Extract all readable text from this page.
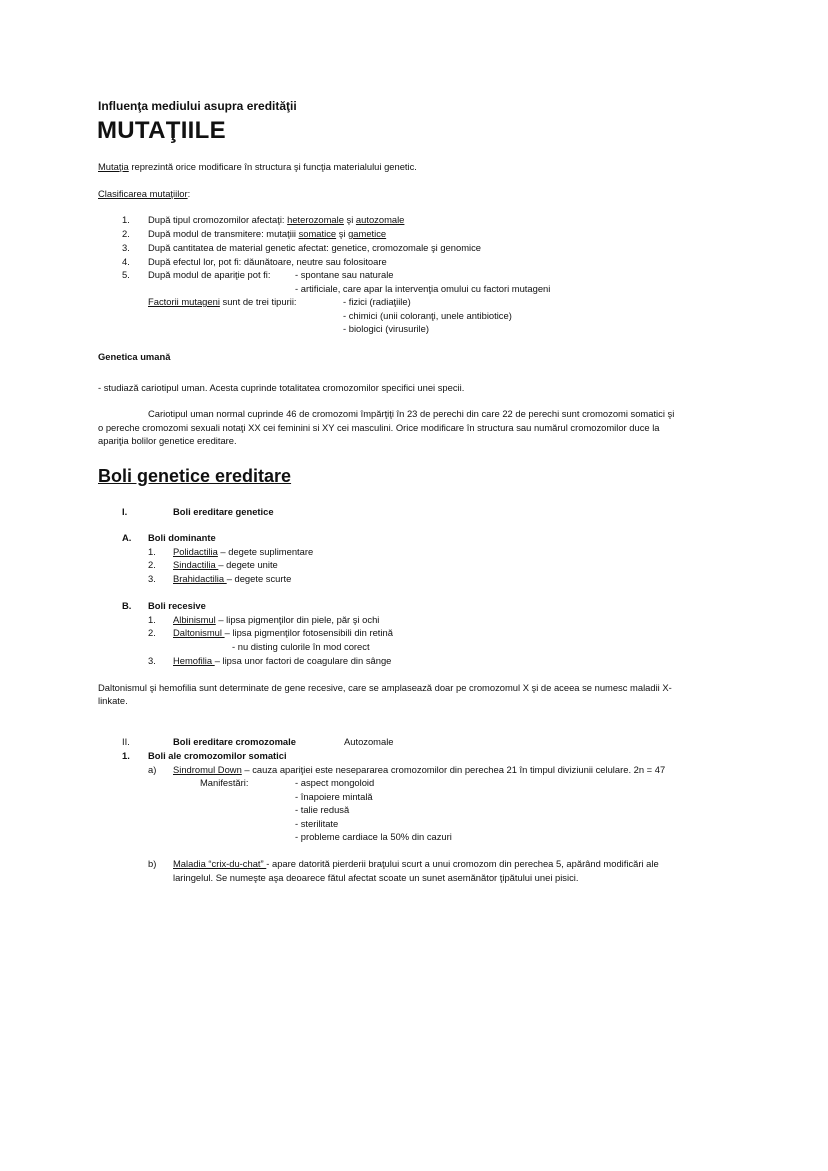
Influenţa mediului asupra eredităţii
MUTAŢIILE
Mutaţia reprezintă orice modificare în structura şi funcţia materialului genetic.
Clasificarea mutaţiilor:
1. După tipul cromozomilor afectaţi: heterozomale şi autozomale
2. După modul de transmitere: mutaţiii somatice şi gametice
3. După cantitatea de material genetic afectat: genetice, cromozomale şi genomice
4. După efectul lor, pot fi: dăunătoare, neutre sau folositoare
5. După modul de apariţie pot fi:	- spontane sau naturale
- artificiale, care apar la intervenţia omului cu factori mutageni
Factorii mutageni sunt de trei tipurii:	- fizici (radiaţiile)
- chimici (unii coloranţi, unele antibiotice)
- biologici (virusurile)
Genetica umană
- studiază cariotipul uman. Acesta cuprinde totalitatea cromozomilor specifici unei specii.
Cariotipul uman normal cuprinde 46 de cromozomi împărţiţi în 23 de perechi din care 22 de perechi sunt cromozomi somatici şi
o pereche cromozomi sexuali notaţi XX cei feminini si XY cei masculini. Orice modificare în structura sau numărul cromozomilor duce la
apariţia bolilor genetice ereditare.
Boli genetice ereditare
I.	Boli ereditare genetice
A. Boli dominante
1. Polidactilia – degete suplimentare
2. Sindactilia – degete unite
3. Brahidactilia – degete scurte
B. Boli recesive
1. Albinismul – lipsa pigmenţilor din piele, păr şi ochi
2. Daltonismul – lipsa pigmenţilor fotosensibili din retină
- nu disting culorile în mod corect
3. Hemofilia – lipsa unor factori de coagulare din sânge
Daltonismul şi hemofilia sunt determinate de gene recesive, care se amplasează doar pe cromozomul X şi de aceea se numesc maladii X-
linkate.
II.	Boli ereditare cromozomale	Autozomale
1. Boli ale cromozomilor somatici
a) Sindromul Down – cauza apariţiei este nesepararea cromozomilor din perechea 21 în timpul diviziunii celulare. 2n = 47
Manifestări:	- aspect mongoloid
- înapoiere mintală
- talie redusă
- sterilitate
- probleme cardiace la 50% din cazuri
b) Maladia “crix-du-chat” - apare datorită pierderii braţului scurt a unui cromozom din perechea 5, apărând modificări ale
laringelul. Se numeşte aşa deoarece fătul afectat scoate un sunet asemănător ţipătului unei pisici.
